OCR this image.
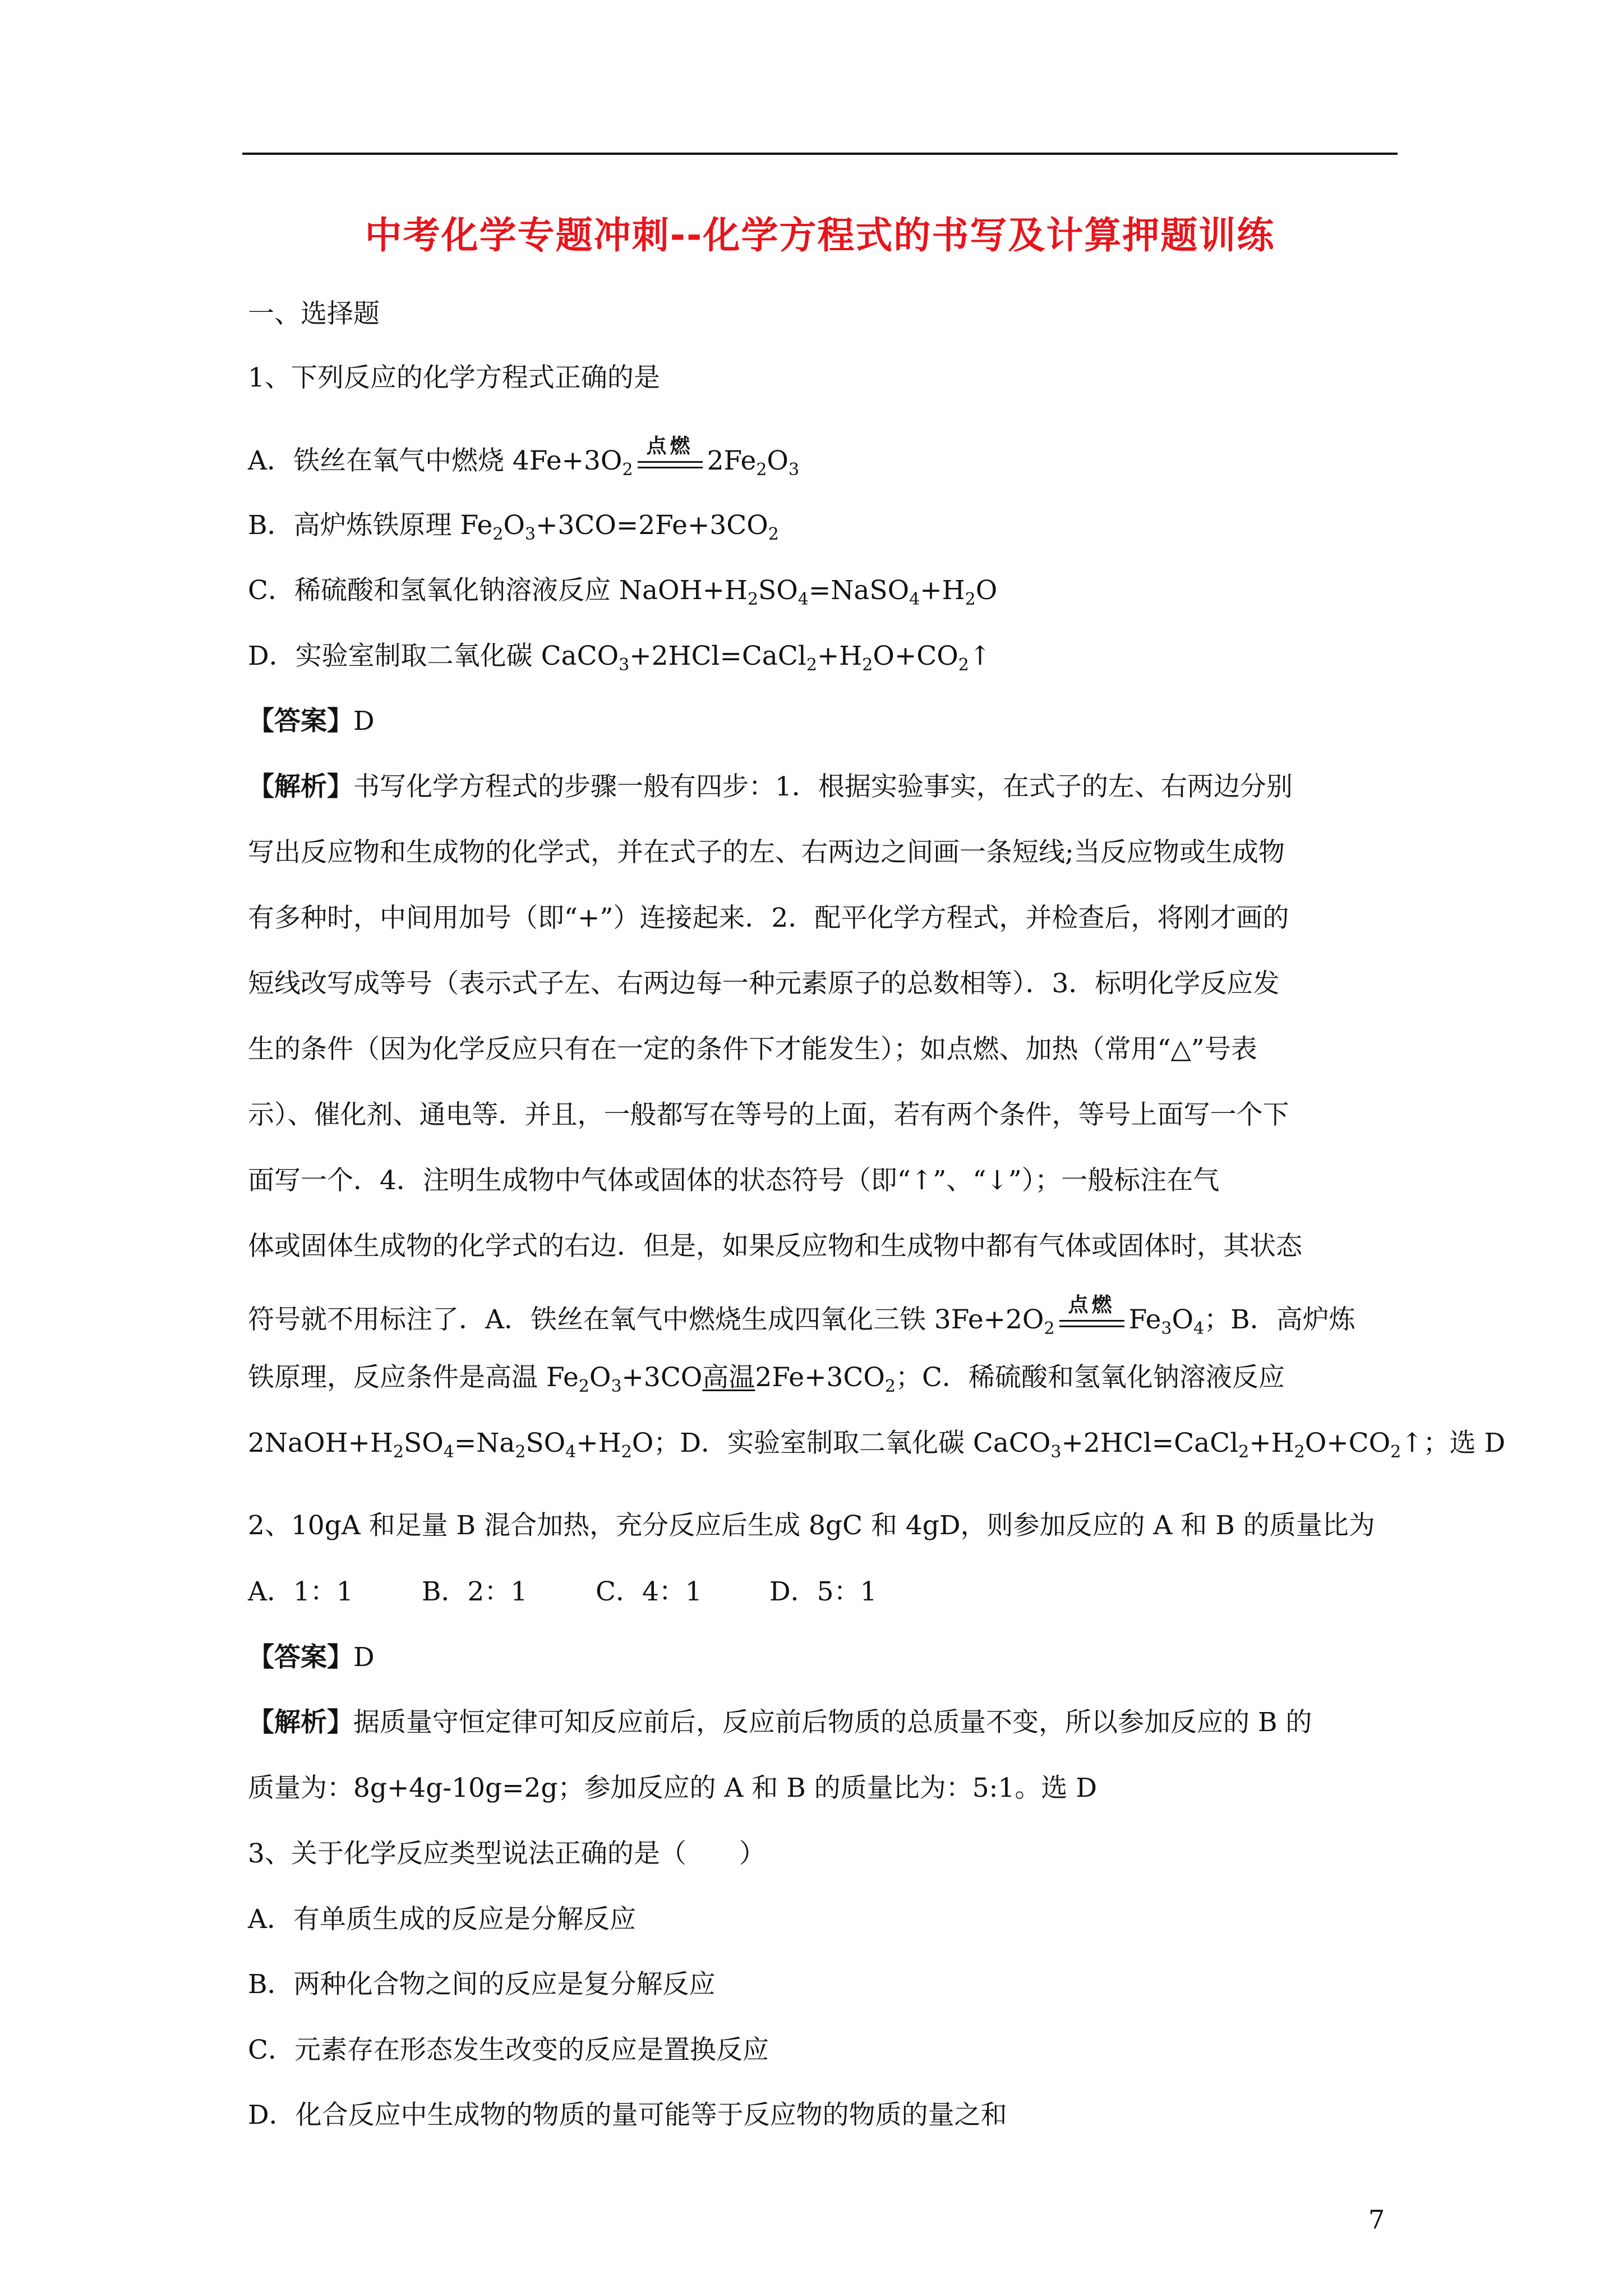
中考化学专题冲刺--化学方程式的书写及计算押题训练
一、选择题
1、下列反应的化学方程式正确的是
A．铁丝在氧气中燃烧 $4Fe+3O_2$
点燃 $2Fe_2O_3$
B．高炉炼铁原理 $Fe_2O_3+3CO=2Fe+3CO_2$
C．稀硫酸和氢氧化钠溶液反应 $NaOH+H_2SO_4=NaSO_4+H_2O$
D．实验室制取二氧化碳 $CaCO_3+2HCl=CaCl_2+H_2O+CO_2↑$
【答案】D
【解析】书写化学方程式的步骤一般有四步：1．根据实验事实，在式子的左、右两边分别
写出反应物和生成物的化学式，并在式子的左、右两边之间画一条短线;当反应物或生成物
有多种时，中间用加号（即“+”）连接起来．2．配平化学方程式，并检查后，将刚才画的
短线改写成等号（表示式子左、右两边每一种元素原子的总数相等）．3．标明化学反应发
生的条件（因为化学反应只有在一定的条件下才能发生）；如点燃、加热（常用“△”号表
示）、催化剂、通电等．并且，一般都写在等号的上面，若有两个条件，等号上面写一个下
面写一个．4．注明生成物中气体或固体的状态符号（即“↑”、“↓”）；一般标注在气
体或固体生成物的化学式的右边．但是，如果反应物和生成物中都有气体或固体时，其状态
符号就不用标注了．A．铁丝在氧气中燃烧生成四氧化三铁 $3Fe+2O_2$
点燃 $Fe_3O_4$；B．高炉炼
铁原理，反应条件是高温 $Fe_2O_3+3CO$高温$2Fe+3CO_2$；C．稀硫酸和氢氧化钠溶液反应
$2NaOH+H_2SO_4=Na_2SO_4+H_2O$；D．实验室制取二氧化碳 $CaCO_3+2HCl=CaCl_2+H_2O+CO_2↑$；选 D
2、10gA 和足量 B 混合加热，充分反应后生成 8gC 和 4gD，则参加反应的 A 和 B 的质量比为
A．1：1	B．2：1	C．4：1	D．5：1
【答案】D
【解析】据质量守恒定律可知反应前后，反应前后物质的总质量不变，所以参加反应的 B 的
质量为：8g+4g-10g=2g；参加反应的 A 和 B 的质量比为：5:1。选 D
3、关于化学反应类型说法正确的是（　　）
A．有单质生成的反应是分解反应
B．两种化合物之间的反应是复分解反应
C．元素存在形态发生改变的反应是置换反应
D．化合反应中生成物的物质的量可能等于反应物的物质的量之和
7
